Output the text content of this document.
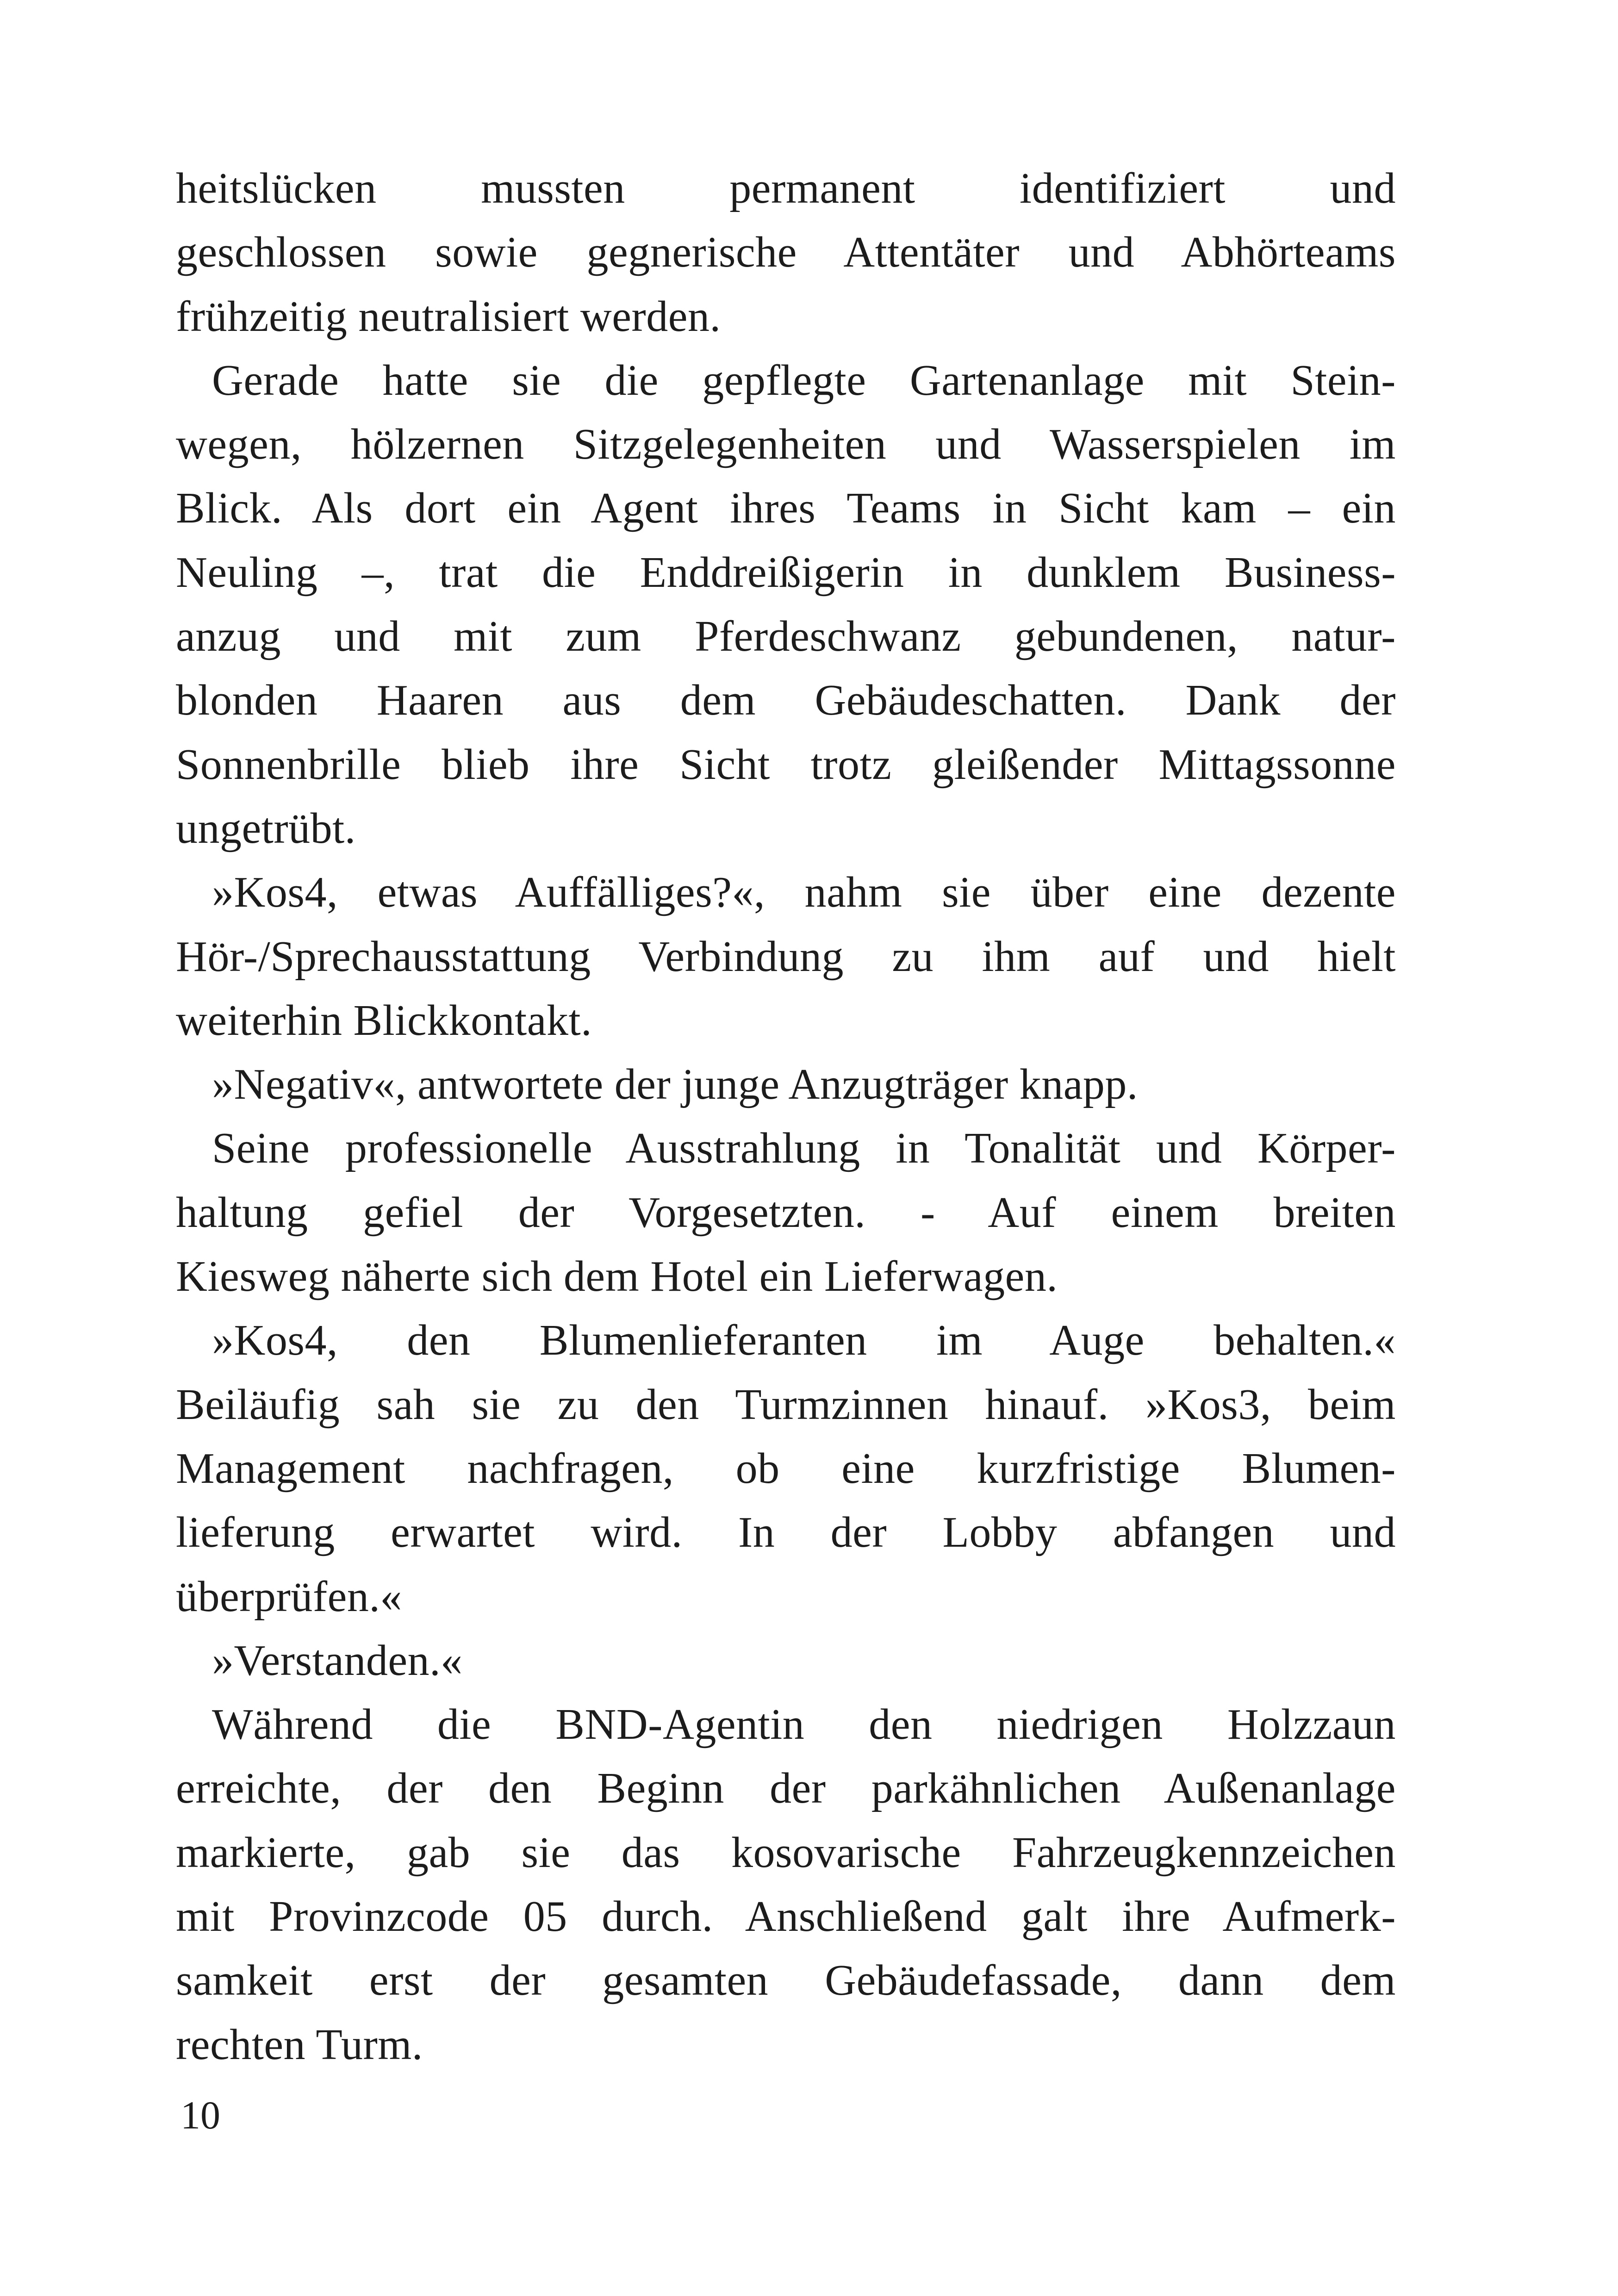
heitslücken mussten permanent identifiziert und
geschlossen sowie gegnerische Attentäter und Abhörteams
frühzeitig neutralisiert werden.
Gerade hatte sie die gepflegte Gartenanlage mit Stein-
wegen, hölzernen Sitzgelegenheiten und Wasserspielen im
Blick. Als dort ein Agent ihres Teams in Sicht kam – ein
Neuling –, trat die Enddreißigerin in dunklem Business-
anzug und mit zum Pferdeschwanz gebundenen, natur-
blonden Haaren aus dem Gebäudeschatten. Dank der
Sonnenbrille blieb ihre Sicht trotz gleißender Mittagssonne
ungetrübt.
»Kos4, etwas Auffälliges?«, nahm sie über eine dezente
Hör-/Sprechausstattung Verbindung zu ihm auf und hielt
weiterhin Blickkontakt.
»Negativ«, antwortete der junge Anzugträger knapp.
Seine professionelle Ausstrahlung in Tonalität und Körper-
haltung gefiel der Vorgesetzten. - Auf einem breiten
Kiesweg näherte sich dem Hotel ein Lieferwagen.
»Kos4, den Blumenlieferanten im Auge behalten.«
Beiläufig sah sie zu den Turmzinnen hinauf. »Kos3, beim
Management nachfragen, ob eine kurzfristige Blumen-
lieferung erwartet wird. In der Lobby abfangen und
überprüfen.«
»Verstanden.«
Während die BND-Agentin den niedrigen Holzzaun
erreichte, der den Beginn der parkähnlichen Außenanlage
markierte, gab sie das kosovarische Fahrzeugkennzeichen
mit Provinzcode 05 durch. Anschließend galt ihre Aufmerk-
samkeit erst der gesamten Gebäudefassade, dann dem
rechten Turm.
10
